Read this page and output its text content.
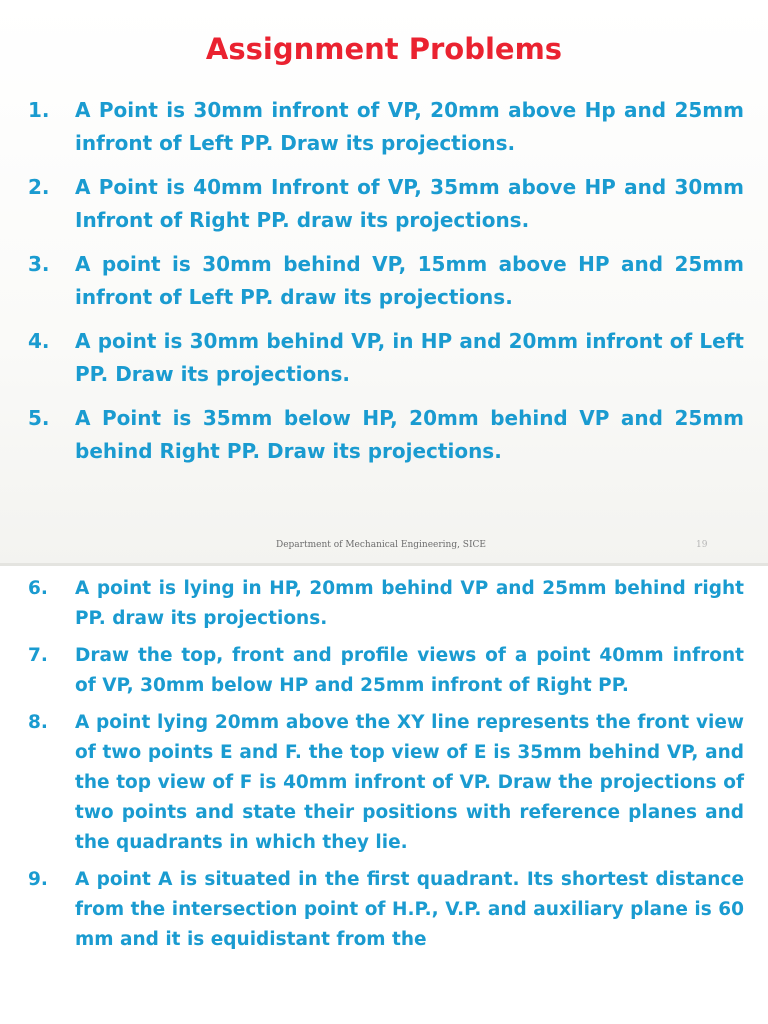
Assignment Problems
1. A Point is 30mm infront of VP, 20mm above Hp and 25mm infront of Left PP. Draw its projections.
2. A Point is 40mm Infront of VP, 35mm above HP and 30mm Infront of Right PP. draw its projections.
3. A point is 30mm behind VP, 15mm above HP and 25mm infront of Left PP. draw its projections.
4. A point is 30mm behind VP, in HP and 20mm infront of Left PP. Draw its projections.
5. A Point is 35mm below HP, 20mm behind VP and 25mm behind Right PP. Draw its projections.
Department of Mechanical Engineering, SICE	19
6. A point is lying in HP, 20mm behind VP and 25mm behind right PP. draw its projections.
7. Draw the top, front and profile views of a point 40mm infront of VP, 30mm below HP and 25mm infront of Right PP.
8. A point lying 20mm above the XY line represents the front view of two points E and F. the top view of E is 35mm behind VP, and the top view of F is 40mm infront of VP. Draw the projections of two points and state their positions with reference planes and the quadrants in which they lie.
9. A point A is situated in the first quadrant. Its shortest distance from the intersection point of H.P., V.P. and auxiliary plane is 60 mm and it is equidistant from the
